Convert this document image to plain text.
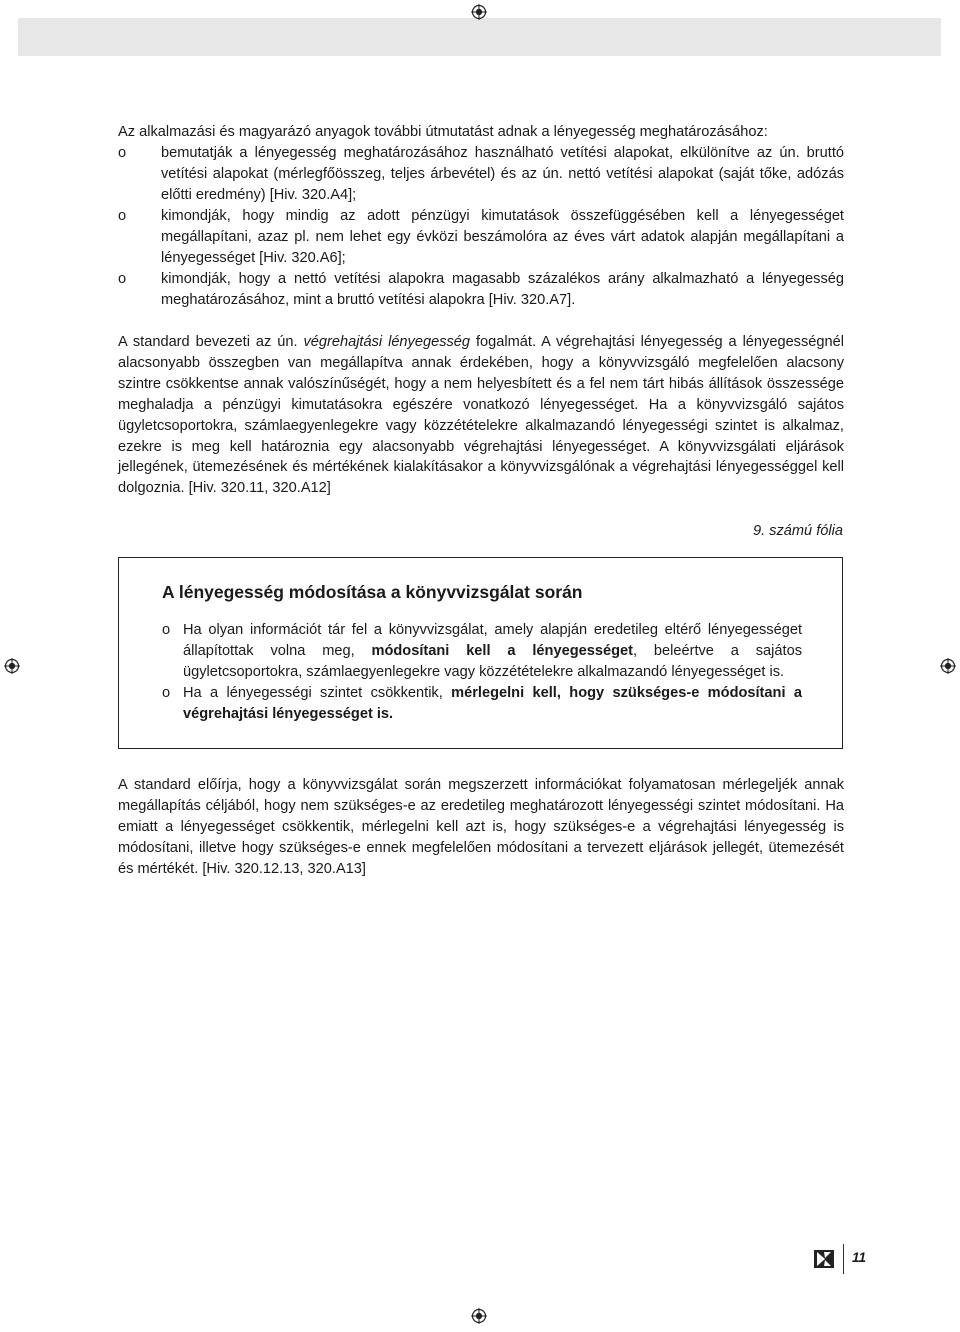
Az alkalmazási és magyarázó anyagok további útmutatást adnak a lényegesség meghatározásához:

o bemutatják a lényegesség meghatározásához használható vetítési alapokat, elkülönítve az ún. bruttó vetítési alapokat (mérlegfőösszeg, teljes árbevétel) és az ún. nettó vetítési alapokat (saját tőke, adózás előtti eredmény) [Hiv. 320.A4];
o kimondják, hogy mindig az adott pénzügyi kimutatások összefüggésében kell a lényegességet megállapítani, azaz pl. nem lehet egy évközi beszámolóra az éves várt adatok alapján megállapítani a lényegességet [Hiv. 320.A6];
o kimondják, hogy a nettó vetítési alapokra magasabb százalékos arány alkalmazható a lényegesség meghatározásához, mint a bruttó vetítési alapokra [Hiv. 320.A7].

A standard bevezeti az ún. végrehajtási lényegesség fogalmát. A végrehajtási lényegesség a lényegességnél alacsonyabb összegben van megállapítva annak érdekében, hogy a könyvvizsgáló megfelelően alacsony szintre csökkentse annak valószínűségét, hogy a nem helyesbített és a fel nem tárt hibás állítások összessége meghaladja a pénzügyi kimutatásokra egészére vonatkozó lényegességet. Ha a könyvvizsgáló sajátos ügyletcsoportokra, számlaegyenlegekre vagy közzétételekre alkalmazandó lényegességi szintet is alkalmaz, ezekre is meg kell határoznia egy alacsonyabb végrehajtási lényegességet. A könyvvizsgálati eljárások jellegének, ütemezésének és mértékének kialakításakor a könyvvizsgálónak a végrehajtási lényegességgel kell dolgoznia. [Hiv. 320.11, 320.A12]

9. számú fólia
A lényegesség módosítása a könyvvizsgálat során
o Ha olyan információt tár fel a könyvvizsgálat, amely alapján eredetileg eltérő lényegességet állapítottak volna meg, módosítani kell a lényegességet, beleértve a sajátos ügyletcsoportokra, számlaegyenlegekre vagy közzétételekre alkalmazandó lényegességet is.
o Ha a lényegességi szintet csökkentik, mérlegelni kell, hogy szükséges-e módosítani a végrehajtási lényegességet is.

A standard előírja, hogy a könyvvizsgálat során megszerzett információkat folyamatosan mérlegeljék annak megállapítás céljából, hogy nem szükséges-e az eredetileg meghatározott lényegességi szintet módosítani. Ha emiatt a lényegességet csökkentik, mérlegelni kell azt is, hogy szükséges-e a végrehajtási lényegesség is módosítani, illetve hogy szükséges-e ennek megfelelően módosítani a tervezett eljárások jellegét, ütemezését és mértékét. [Hiv. 320.12.13, 320.A13]

11
